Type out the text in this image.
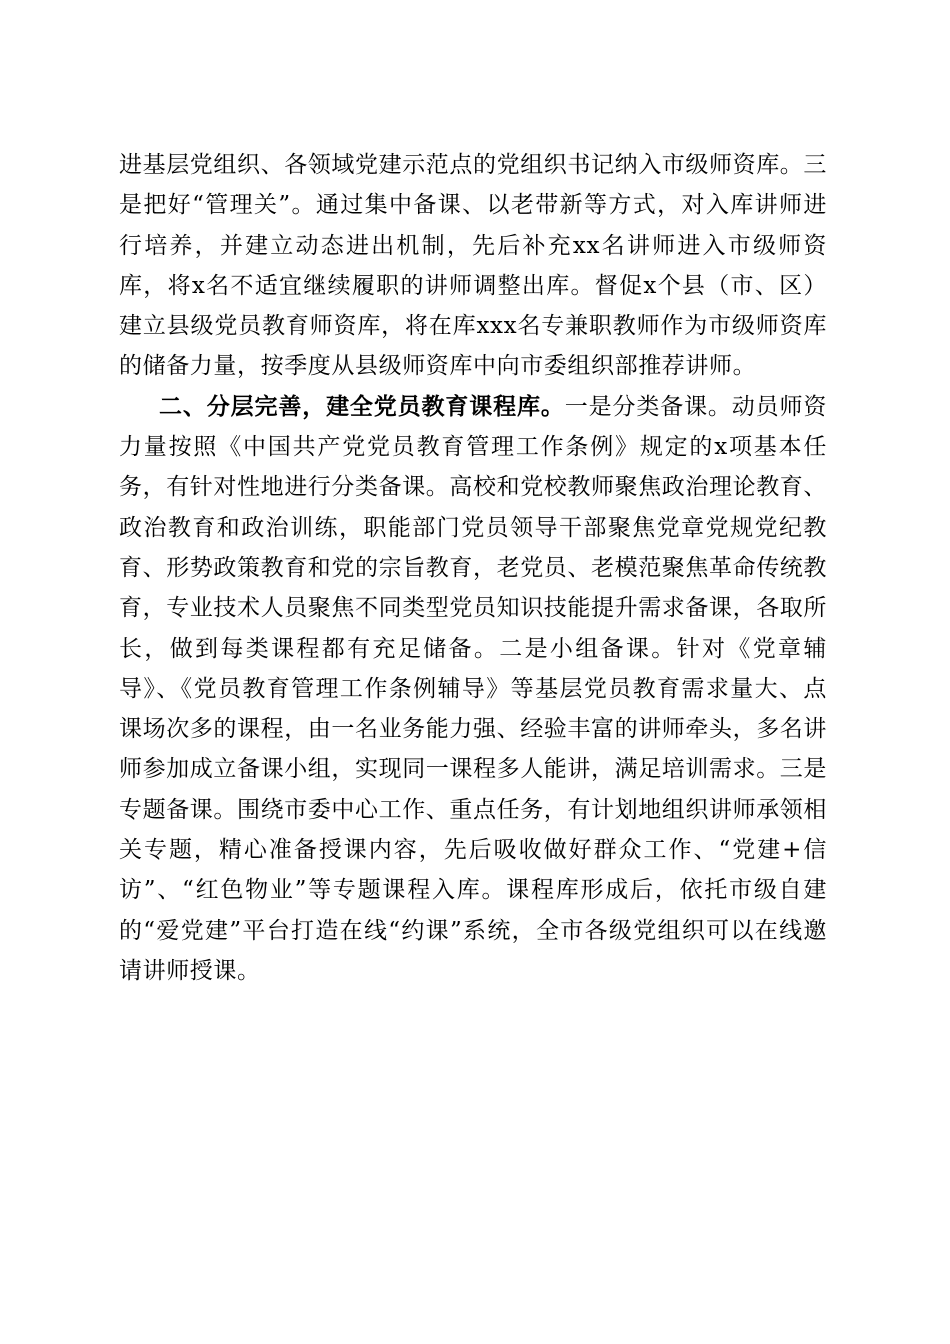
进基层党组织、各领域党建示范点的党组织书记纳入市级师资库。三是把好“管理关”。通过集中备课、以老带新等方式，对入库讲师进行培养，并建立动态进出机制，先后补充xx名讲师进入市级师资库，将x名不适宜继续履职的讲师调整出库。督促x个县（市、区）建立县级党员教育师资库，将在库xxx名专兼职教师作为市级师资库的储备力量，按季度从县级师资库中向市委组织部推荐讲师。

二、分层完善，建全党员教育课程库。一是分类备课。动员师资力量按照《中国共产党党员教育管理工作条例》规定的x项基本任务，有针对性地进行分类备课。高校和党校教师聚焦政治理论教育、政治教育和政治训练，职能部门党员领导干部聚焦党章党规党纪教育、形势政策教育和党的宗旨教育，老党员、老模范聚焦革命传统教育，专业技术人员聚焦不同类型党员知识技能提升需求备课，各取所长，做到每类课程都有充足储备。二是小组备课。针对《党章辅导》、《党员教育管理工作条例辅导》等基层党员教育需求量大、点课场次多的课程，由一名业务能力强、经验丰富的讲师牵头，多名讲师参加成立备课小组，实现同一课程多人能讲，满足培训需求。三是专题备课。围绕市委中心工作、重点任务，有计划地组织讲师承领相关专题，精心准备授课内容，先后吸收做好群众工作、“党建+信访”、“红色物业”等专题课程入库。课程库形成后，依托市级自建的“爱党建”平台打造在线“约课”系统，全市各级党组织可以在线邀请讲师授课。
